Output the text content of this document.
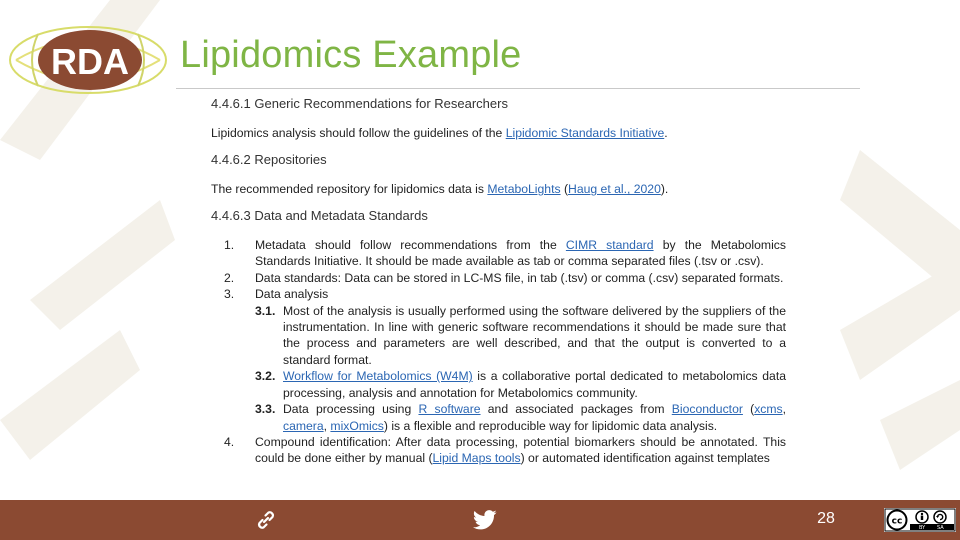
RDA Lipidomics Example

4.4.6.1 Generic Recommendations for Researchers

Lipidomics analysis should follow the guidelines of the Lipidomic Standards Initiative.

4.4.6.2 Repositories

The recommended repository for lipidomics data is MetaboLights (Haug et al., 2020).

4.4.6.3 Data and Metadata Standards

1. Metadata should follow recommendations from the CIMR standard by the Metabolomics Standards Initiative. It should be made available as tab or comma separated files (.tsv or .csv).
2. Data standards: Data can be stored in LC-MS file, in tab (.tsv) or comma (.csv) separated formats.
3. Data analysis
3.1. Most of the analysis is usually performed using the software delivered by the suppliers of the instrumentation. In line with generic software recommendations it should be made sure that the process and parameters are well described, and that the output is converted to a standard format.
3.2. Workflow for Metabolomics (W4M) is a collaborative portal dedicated to metabolomics data processing, analysis and annotation for Metabolomics community.
3.3. Data processing using R software and associated packages from Bioconductor (xcms, camera, mixOmics) is a flexible and reproducible way for lipidomic data analysis.
4. Compound identification: After data processing, potential biomarkers should be annotated. This could be done either by manual (Lipid Maps tools) or automated identification against templates
28	cc
BY SA
